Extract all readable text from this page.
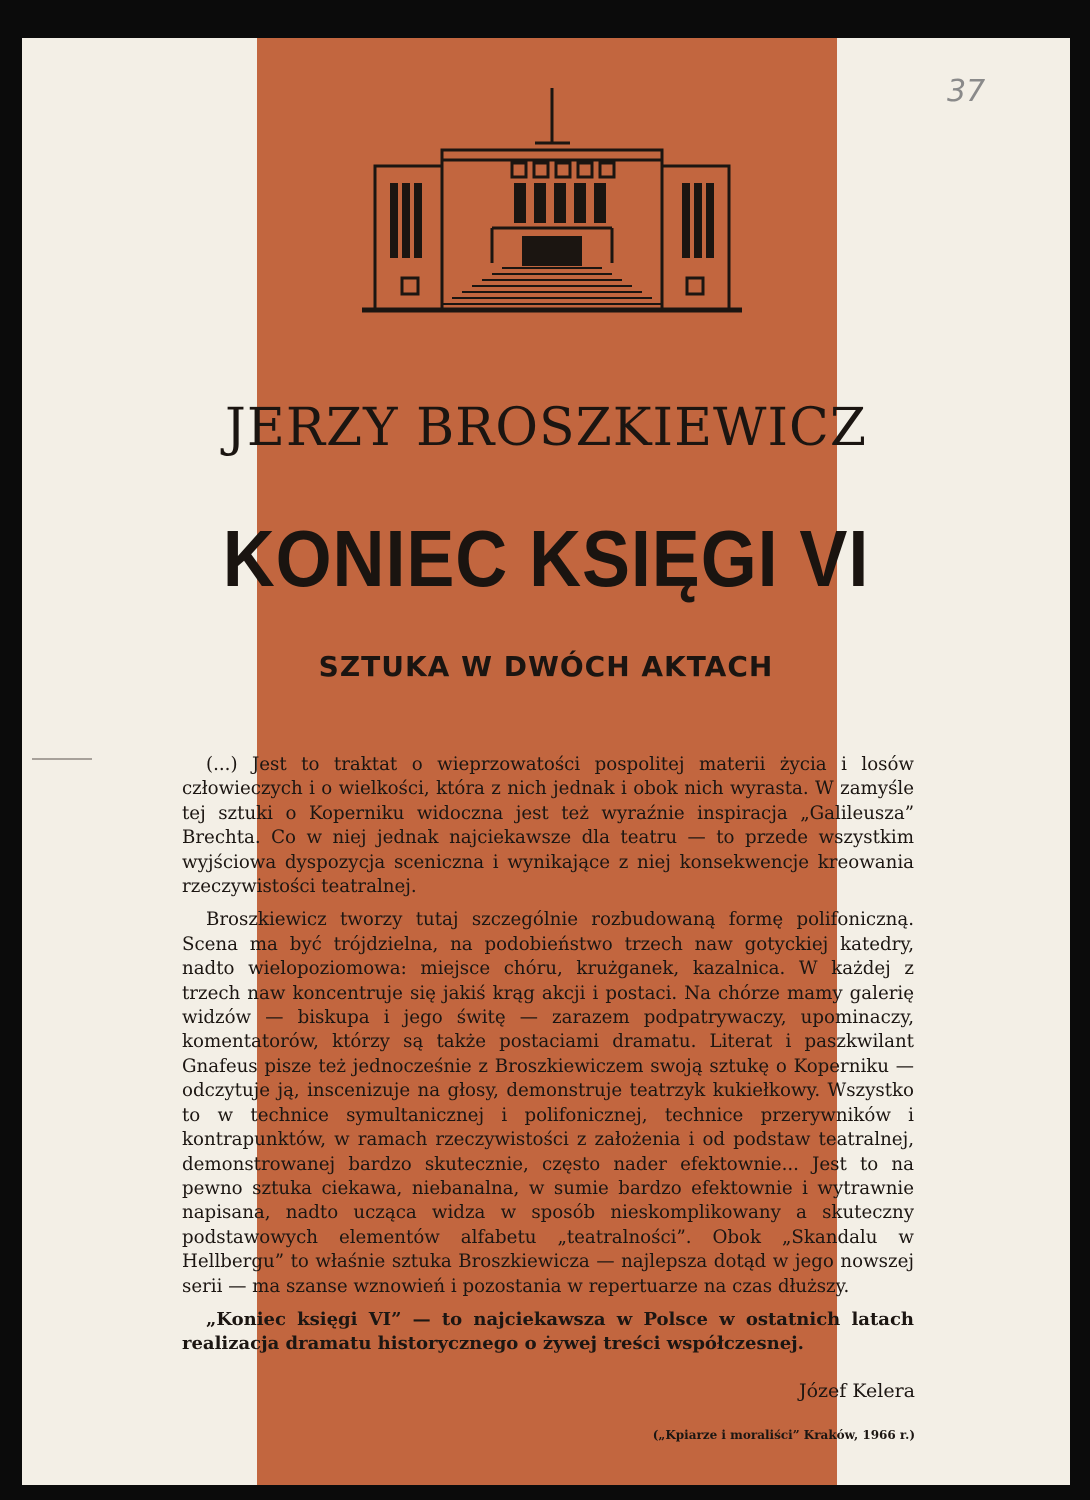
37
JERZY BROSZKIEWICZ
KONIEC KSIĘGI VI
SZTUKA W DWÓCH AKTACH

(...) Jest to traktat o wieprzowatości pospolitej materii życia i losów człowieczych i o wielkości, która z nich jednak i obok nich wyrasta. W zamyśle tej sztuki o Koperniku widoczna jest też wyraźnie inspiracja „Galileusza” Brechta. Co w niej jednak najciekawsze dla teatru — to przede wszystkim wyjściowa dyspozycja sceniczna i wynikające z niej konsekwencje kreowania rzeczywistości teatralnej.

Broszkiewicz tworzy tutaj szczególnie rozbudowaną formę polifoniczną. Scena ma być trójdzielna, na podobieństwo trzech naw gotyckiej katedry, nadto wielopoziomowa: miejsce chóru, krużganek, kazalnica. W każdej z trzech naw koncentruje się jakiś krąg akcji i postaci. Na chórze mamy galerię widzów — biskupa i jego świtę — zarazem podpatrywaczy, upominaczy, komentatorów, którzy są także postaciami dramatu. Literat i paszkwilant Gnafeus pisze też jednocześnie z Broszkiewiczem swoją sztukę o Koperniku — odczytuje ją, inscenizuje na głosy, demonstruje teatrzyk kukiełkowy. Wszystko to w technice symultanicznej i polifonicznej, technice przerywników i kontrapunktów, w ramach rzeczywistości z założenia i od podstaw teatralnej, demonstrowanej bardzo skutecznie, często nader efektownie... Jest to na pewno sztuka ciekawa, niebanalna, w sumie bardzo efektownie i wytrawnie napisana, nadto ucząca widza w sposób nieskomplikowany a skuteczny podstawowych elementów alfabetu „teatralności”. Obok „Skandalu w Hellbergu” to właśnie sztuka Broszkiewicza — najlepsza dotąd w jego nowszej serii — ma szanse wznowień i pozostania w repertuarze na czas dłuższy.

„Koniec księgi VI” — to najciekawsza w Polsce w ostatnich latach realizacja dramatu historycznego o żywej treści współczesnej.

Józef Kelera
(„Kpiarze i moraliści” Kraków, 1966 r.)
